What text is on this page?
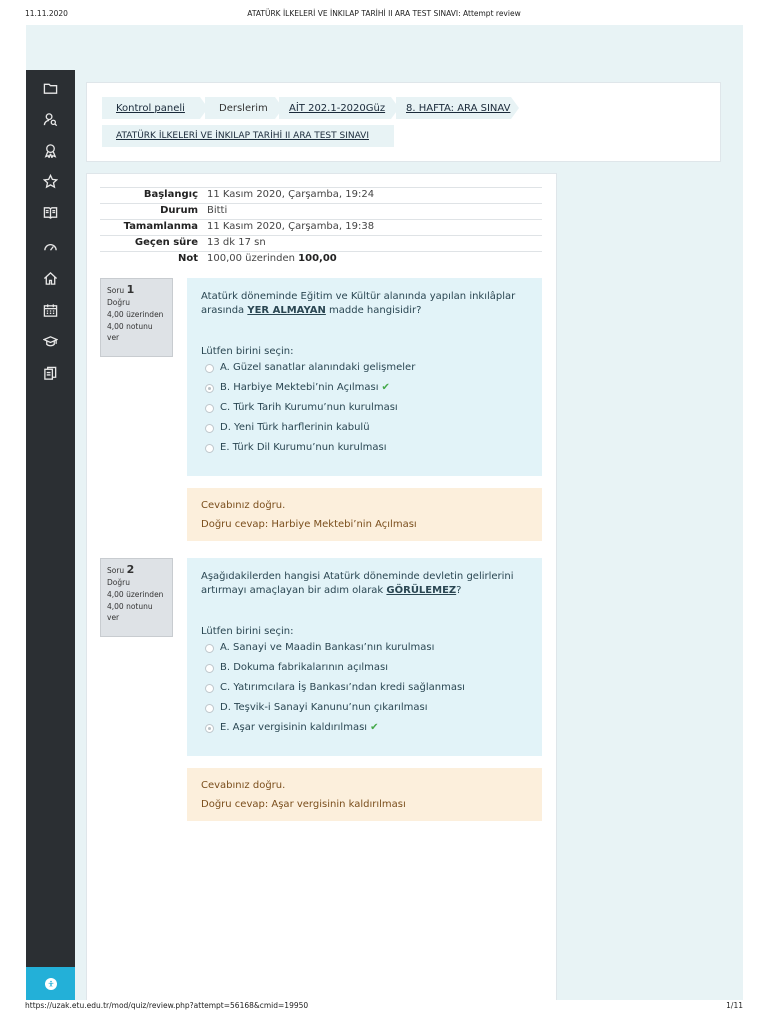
11.11.2020	ATATÜRK İLKELERİ VE İNKILAP TARİHİ II ARA TEST SINAVI: Attempt review
Kontrol paneli	Derslerim AİT 202.1-2020Güz 8. HAFTA: ARA SINAV
ATATÜRK İLKELERİ VE İNKILAP TARİHİ II ARA TEST SINAVI
Başlangıç 11 Kasım 2020, Çarşamba, 19:24
Durum Bitti
Tamamlanma 11 Kasım 2020, Çarşamba, 19:38
Geçen süre 13 dk 17 sn
Not 100,00 üzerinden 100,00
Soru 1
Doğru
4,00 üzerinden 4,00 notunu ver
Atatürk döneminde Eğitim ve Kültür alanında yapılan inkılâplar arasında YER ALMAYAN madde hangisidir?
Lütfen birini seçin:
A. Güzel sanatlar alanındaki gelişmeler
B. Harbiye Mektebi’nin Açılması ✔
C. Türk Tarih Kurumu’nun kurulması
D. Yeni Türk harflerinin kabulü
E. Türk Dil Kurumu’nun kurulması
Cevabınız doğru.
Doğru cevap: Harbiye Mektebi’nin Açılması
Soru 2
Doğru
4,00 üzerinden 4,00 notunu ver
Aşağıdakilerden hangisi Atatürk döneminde devletin gelirlerini artırmayı amaçlayan bir adım olarak GÖRÜLEMEZ?
Lütfen birini seçin:
A. Sanayi ve Maadin Bankası’nın kurulması
B. Dokuma fabrikalarının açılması
C. Yatırımcılara İş Bankası’ndan kredi sağlanması
D. Teşvik-i Sanayi Kanunu’nun çıkarılması
E. Aşar vergisinin kaldırılması ✔
Cevabınız doğru.
Doğru cevap: Aşar vergisinin kaldırılması
https://uzak.etu.edu.tr/mod/quiz/review.php?attempt=56168&cmid=19950	1/11
